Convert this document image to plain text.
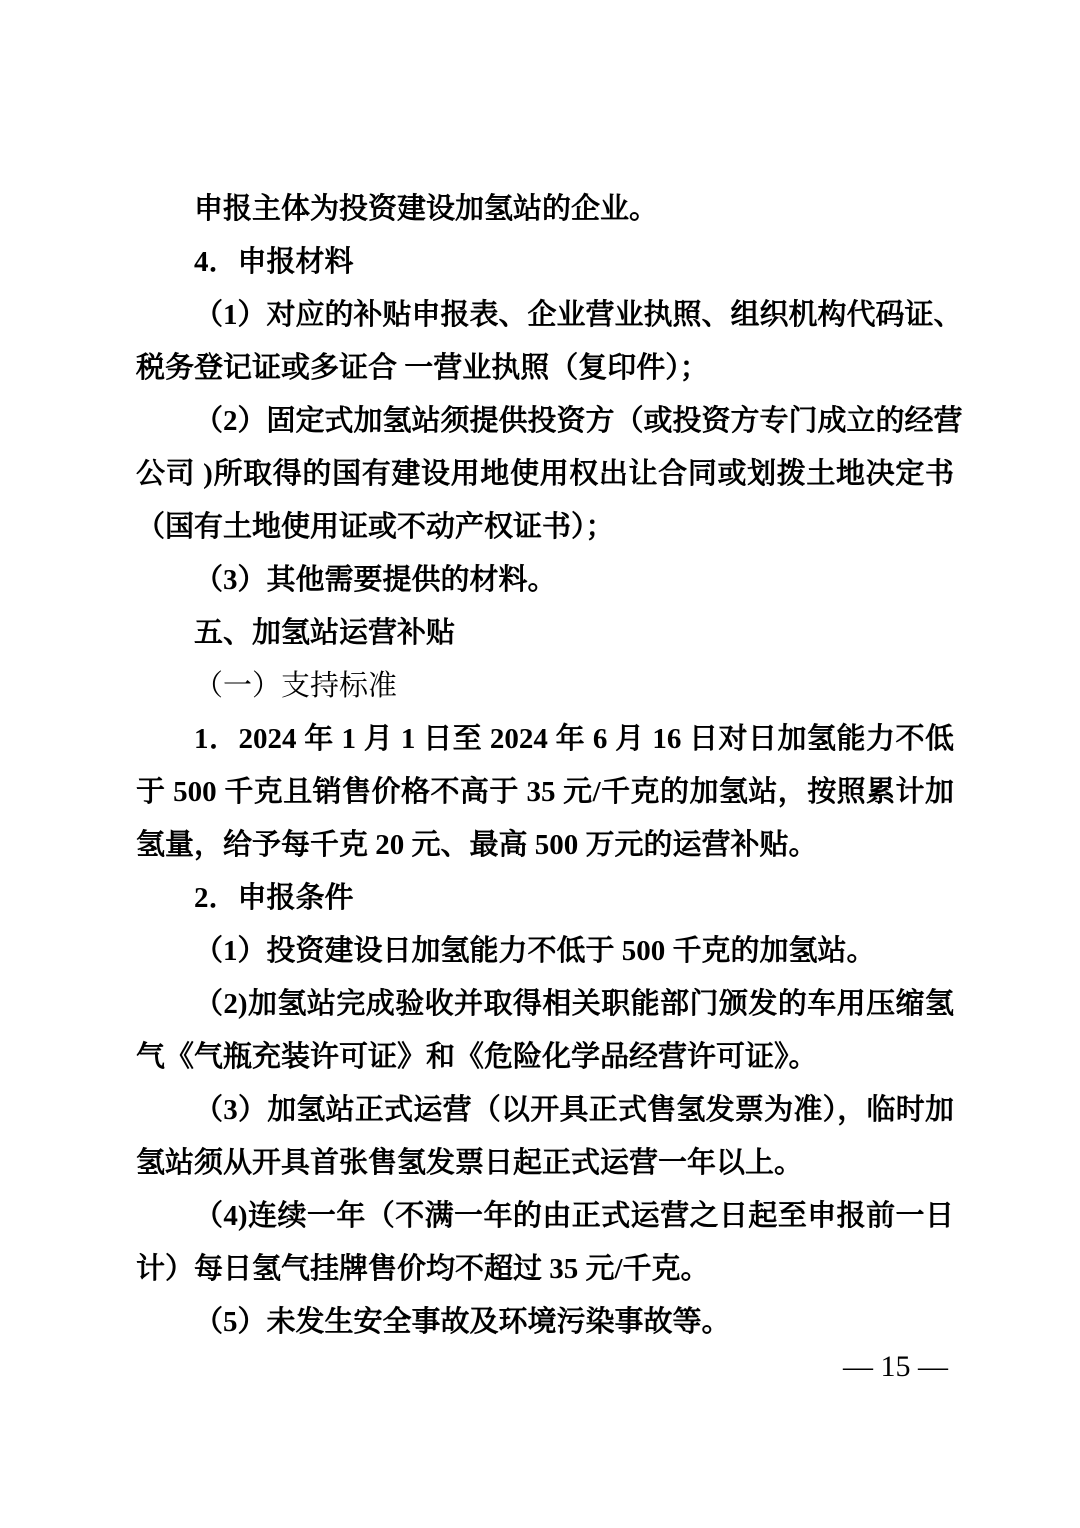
申报主体为投资建设加氢站的企业。
4．申报材料
（1）对应的补贴申报表、企业营业执照、组织机构代码证、
税务登记证或多证合 一营业执照（复印件）；
（2）固定式加氢站须提供投资方（或投资方专门成立的经营
公司 )所取得的国有建设用地使用权出让合同或划拨土地决定书
（国有土地使用证或不动产权证书）；
（3）其他需要提供的材料。
五、加氢站运营补贴
（一）支持标准
1．2024 年 1 月 1 日至 2024 年 6 月 16 日对日加氢能力不低
于 500 千克且销售价格不高于 35 元/千克的加氢站，按照累计加
氢量，给予每千克 20 元、最高 500 万元的运营补贴。
2．申报条件
（1）投资建设日加氢能力不低于 500 千克的加氢站。
（2)加氢站完成验收并取得相关职能部门颁发的车用压缩氢
气《气瓶充装许可证》和《危险化学品经营许可证》。
（3）加氢站正式运营（以开具正式售氢发票为准），临时加
氢站须从开具首张售氢发票日起正式运营一年以上。
（4)连续一年（不满一年的由正式运营之日起至申报前一日
计）每日氢气挂牌售价均不超过 35 元/千克。
（5）未发生安全事故及环境污染事故等。
— 15 —
